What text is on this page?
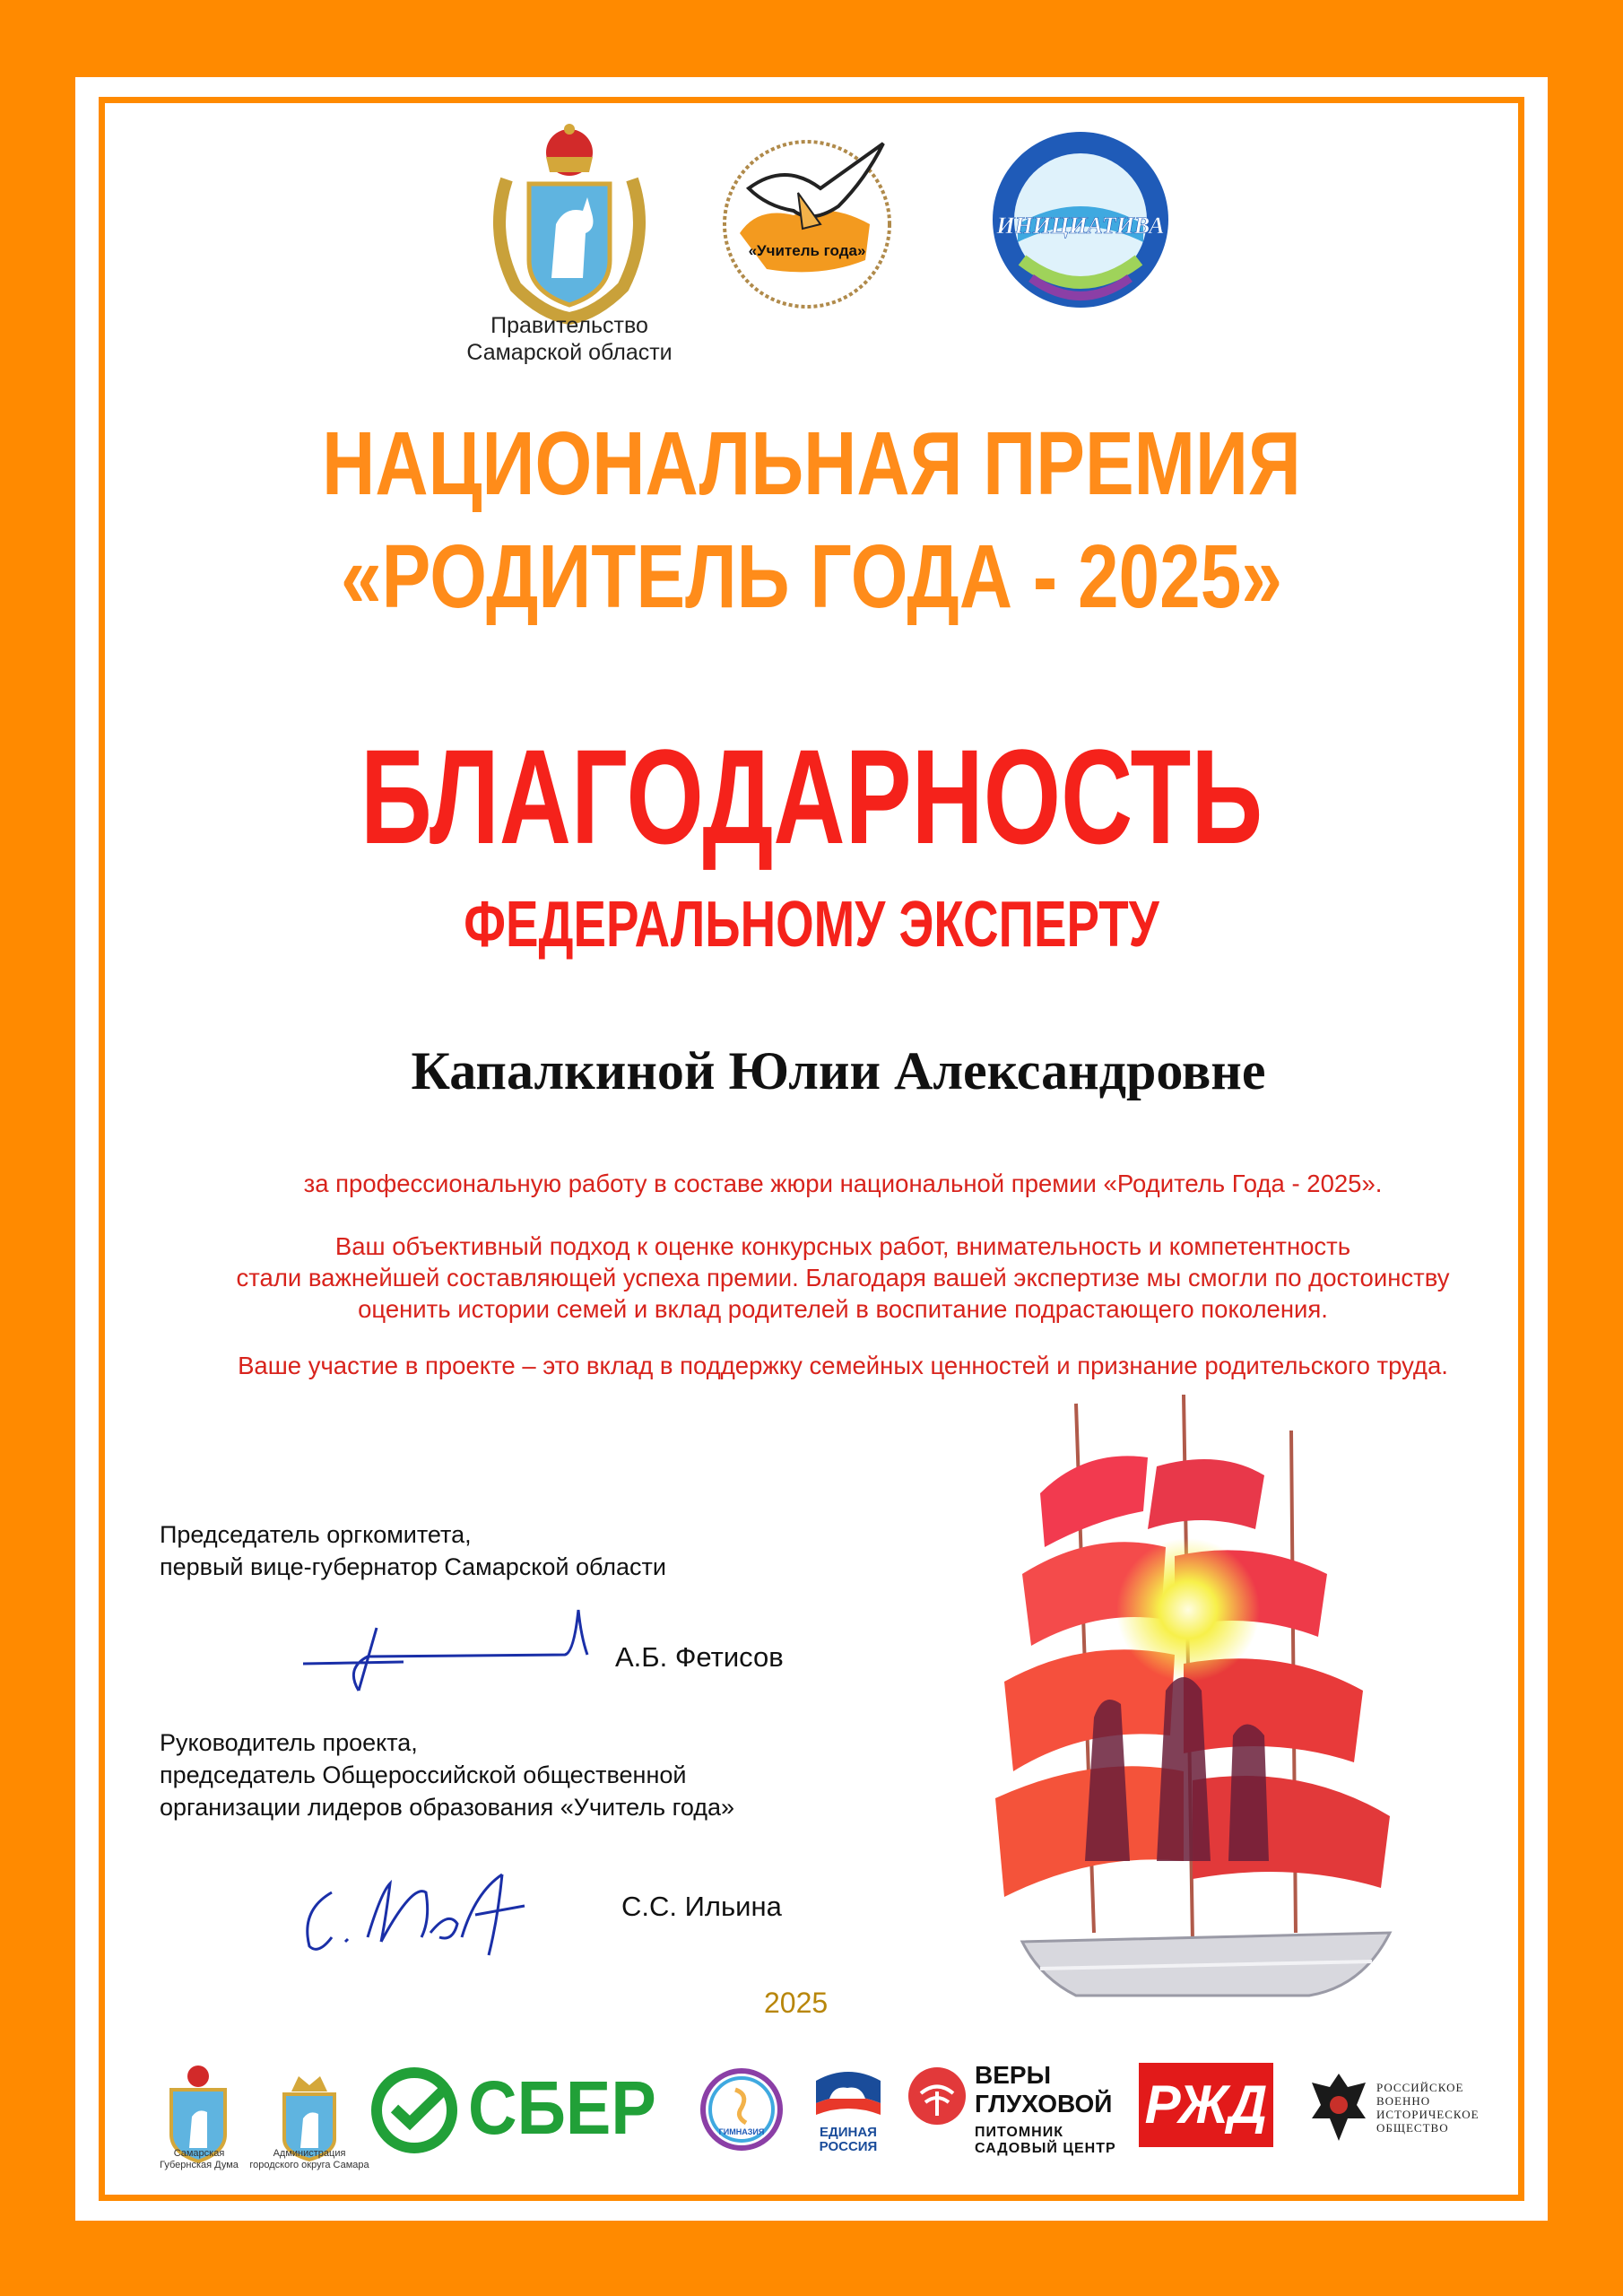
Правительство
Самарской области
«Учитель года»
ИНИЦИАТИВА
НАЦИОНАЛЬНАЯ ПРЕМИЯ
«РОДИТЕЛЬ ГОДА - 2025»
БЛАГОДАРНОСТЬ
ФЕДЕРАЛЬНОМУ ЭКСПЕРТУ
Капалкиной Юлии Александровне
за профессиональную работу в составе жюри национальной премии «Родитель Года - 2025».
Ваш объективный подход к оценке конкурсных работ, внимательность и компетентность
стали важнейшей составляющей успеха премии. Благодаря вашей экспертизе мы смогли по достоинству
оценить истории семей и вклад родителей в воспитание подрастающего поколения.
Ваше участие в проекте – это вклад в поддержку семейных ценностей и признание родительского труда.
Председатель оргкомитета,
первый вице-губернатор Самарской области
А.Б. Фетисов
Руководитель проекта,
председатель Общероссийской общественной
организации лидеров образования «Учитель года»
С.С. Ильина
2025
Самарская
Губернская Дума
Администрация
городского округа Самара
СБЕР	ГИМНАЗИЯ	ЕДИНАЯ
РОССИЯ
ВЕРЫ
ГЛУХОВОЙ
ПИТОМНИК
САДОВЫЙ ЦЕНТР
РЖД	РОССИЙСКОЕ
ВОЕННО
ИСТОРИЧЕСКОЕ
ОБЩЕСТВО
